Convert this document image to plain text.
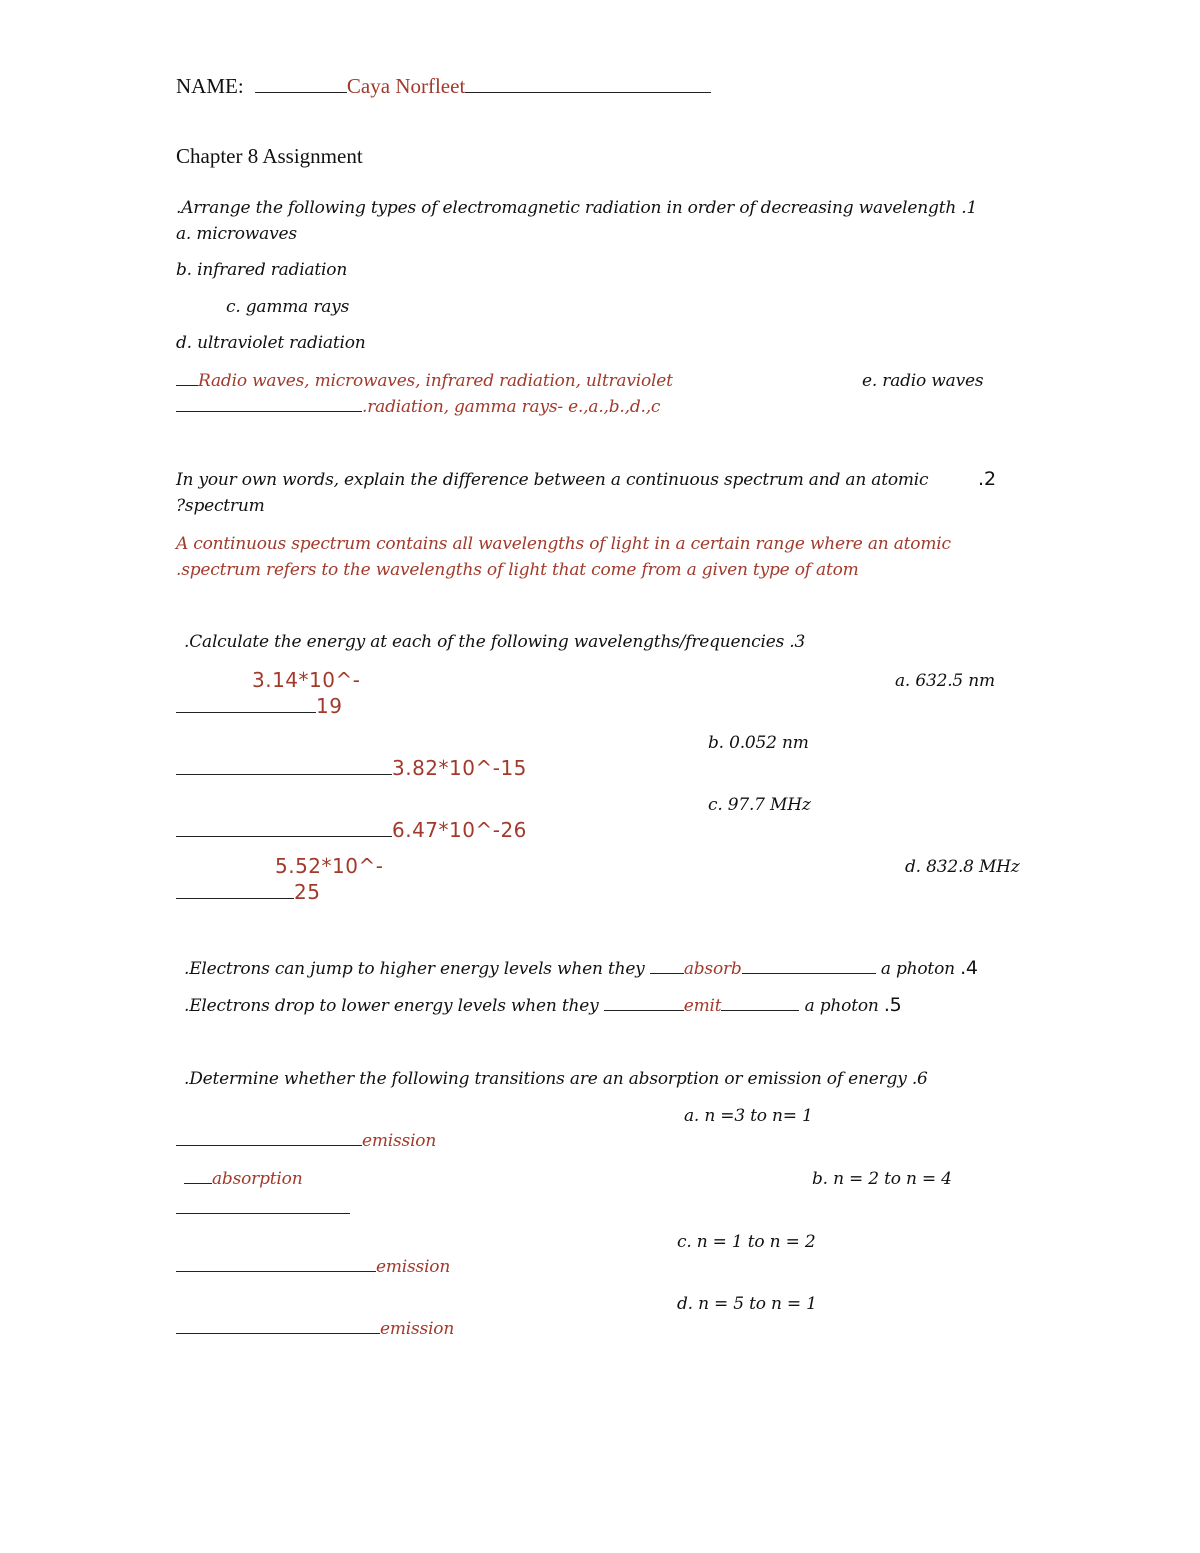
NAME:	Caya Norfleet
Chapter 8 Assignment
.Arrange the following types of electromagnetic radiation in order of decreasing wavelength .1
a. microwaves
b. infrared radiation
c. gamma rays
d. ultraviolet radiation
Radio waves, microwaves, infrared radiation, ultraviolet	e. radio waves
.radiation, gamma rays- e.,a.,b.,d.,c
In your own words, explain the difference between a continuous spectrum and an atomic	.2
?spectrum
A continuous spectrum contains all wavelengths of light in a certain range where an atomic
.spectrum refers to the wavelengths of light that come from a given type of atom
.Calculate the energy at each of the following wavelengths/frequencies .3
3.14*10^-	a. 632.5 nm
19
b. 0.052 nm
3.82*10^-15
c. 97.7 MHz
6.47*10^-26
5.52*10^-	d. 832.8 MHz
25
.Electrons can jump to higher energy levels when they absorb	a photon .4
.Electrons drop to lower energy levels when they	emit	a photon .5
.Determine whether the following transitions are an absorption or emission of energy .6
a. n =3 to n= 1
emission
absorption	b. n = 2 to n = 4
c. n = 1 to n = 2
emission
d. n = 5 to n = 1
emission
